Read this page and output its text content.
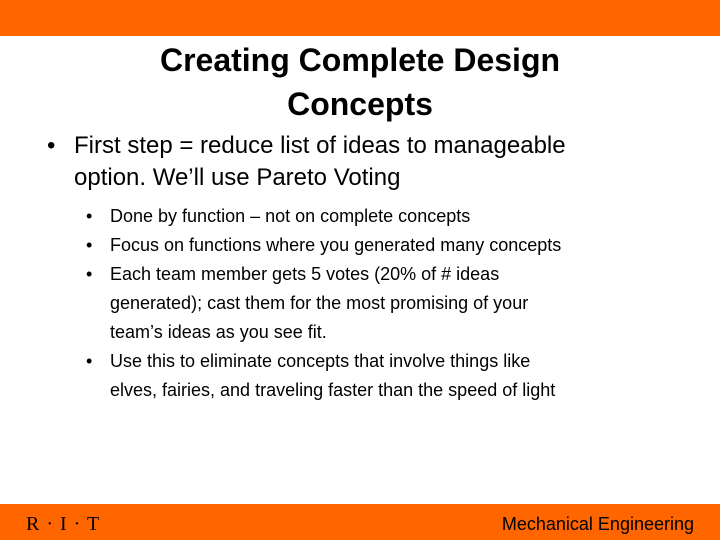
Creating Complete Design
Concepts
• First step = reduce list of ideas to manageable
option. We’ll use Pareto Voting
• Done by function – not on complete concepts
• Focus on functions where you generated many concepts
• Each team member gets 5 votes (20% of # ideas
generated); cast them for the most promising of your
team’s ideas as you see fit.
• Use this to eliminate concepts that involve things like
elves, fairies, and traveling faster than the speed of light
R · I · T	Mechanical Engineering
